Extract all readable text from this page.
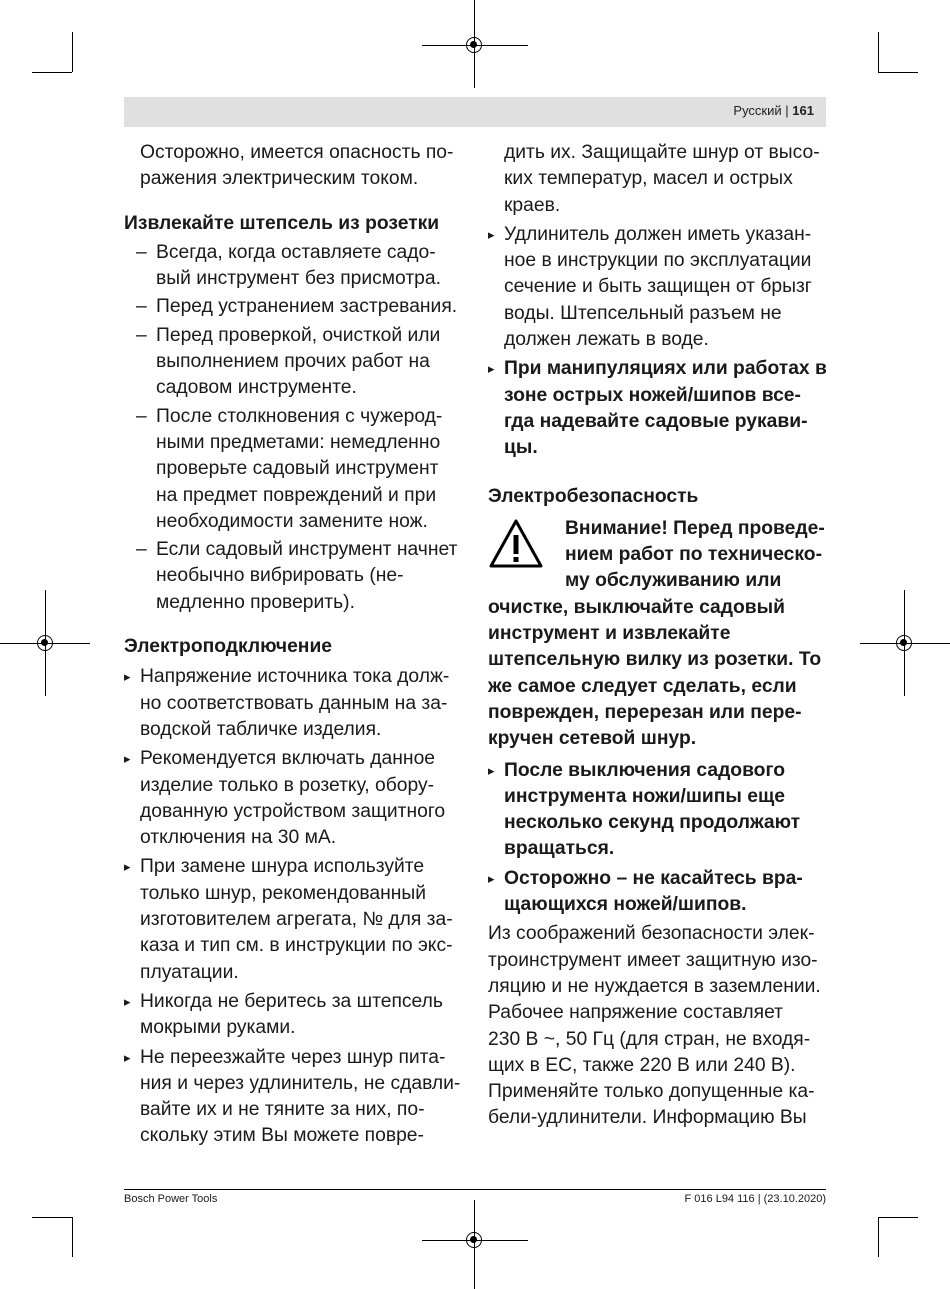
Русский | 161

Осторожно, имеется опасность по-
ражения электрическим током.

Извлекайте штепсель из розетки

– Всегда, когда оставляете садо-
вый инструмент без присмотра.
– Перед устранением застревания.
– Перед проверкой, очисткой или
выполнением прочих работ на
садовом инструменте.
– После столкновения с чужерод-
ными предметами: немедленно
проверьте садовый инструмент
на предмет повреждений и при
необходимости замените нож.
– Если садовый инструмент начнет
необычно вибрировать (не-
медленно проверить).

Электроподключение

▸ Напряжение источника тока долж-
но соответствовать данным на за-
водской табличке изделия.
▸ Рекомендуется включать данное
изделие только в розетку, обору-
дованную устройством защитного
отключения на 30 мА.
▸ При замене шнура используйте
только шнур, рекомендованный
изготовителем агрегата, № для за-
каза и тип см. в инструкции по экс-
плуатации.
▸ Никогда не беритесь за штепсель
мокрыми руками.
▸ Не переезжайте через шнур пита-
ния и через удлинитель, не сдавли-
вайте их и не тяните за них, по-
скольку этим Вы можете повре-

дить их. Защищайте шнур от высо-
ких температур, масел и острых
краев.

▸ Удлинитель должен иметь указан-
ное в инструкции по эксплуатации
сечение и быть защищен от брызг
воды. Штепсельный разъем не
должен лежать в воде.
▸ При манипуляциях или работах в
зоне острых ножей/шипов все-
гда надевайте садовые рукави-
цы.

Электробезопасность

Внимание! Перед проведе-
нием работ по техническо-
му обслуживанию или

очистке, выключайте садовый
инструмент и извлекайте
штепсельную вилку из розетки. То
же самое следует сделать, если
поврежден, перерезан или пере-
кручен сетевой шнур.

▸ После выключения садового
инструмента ножи/шипы еще
несколько секунд продолжают
вращаться.
▸ Осторожно – не касайтесь вра-
щающихся ножей/шипов.

Из соображений безопасности элек-
троинструмент имеет защитную изо-
ляцию и не нуждается в заземлении.
Рабочее напряжение составляет
230 В ~, 50 Гц (для стран, не входя-
щих в ЕС, также 220 В или 240 В).
Применяйте только допущенные ка-
бели-удлинители. Информацию Вы

Bosch Power Tools	F 016 L94 116 | (23.10.2020)
